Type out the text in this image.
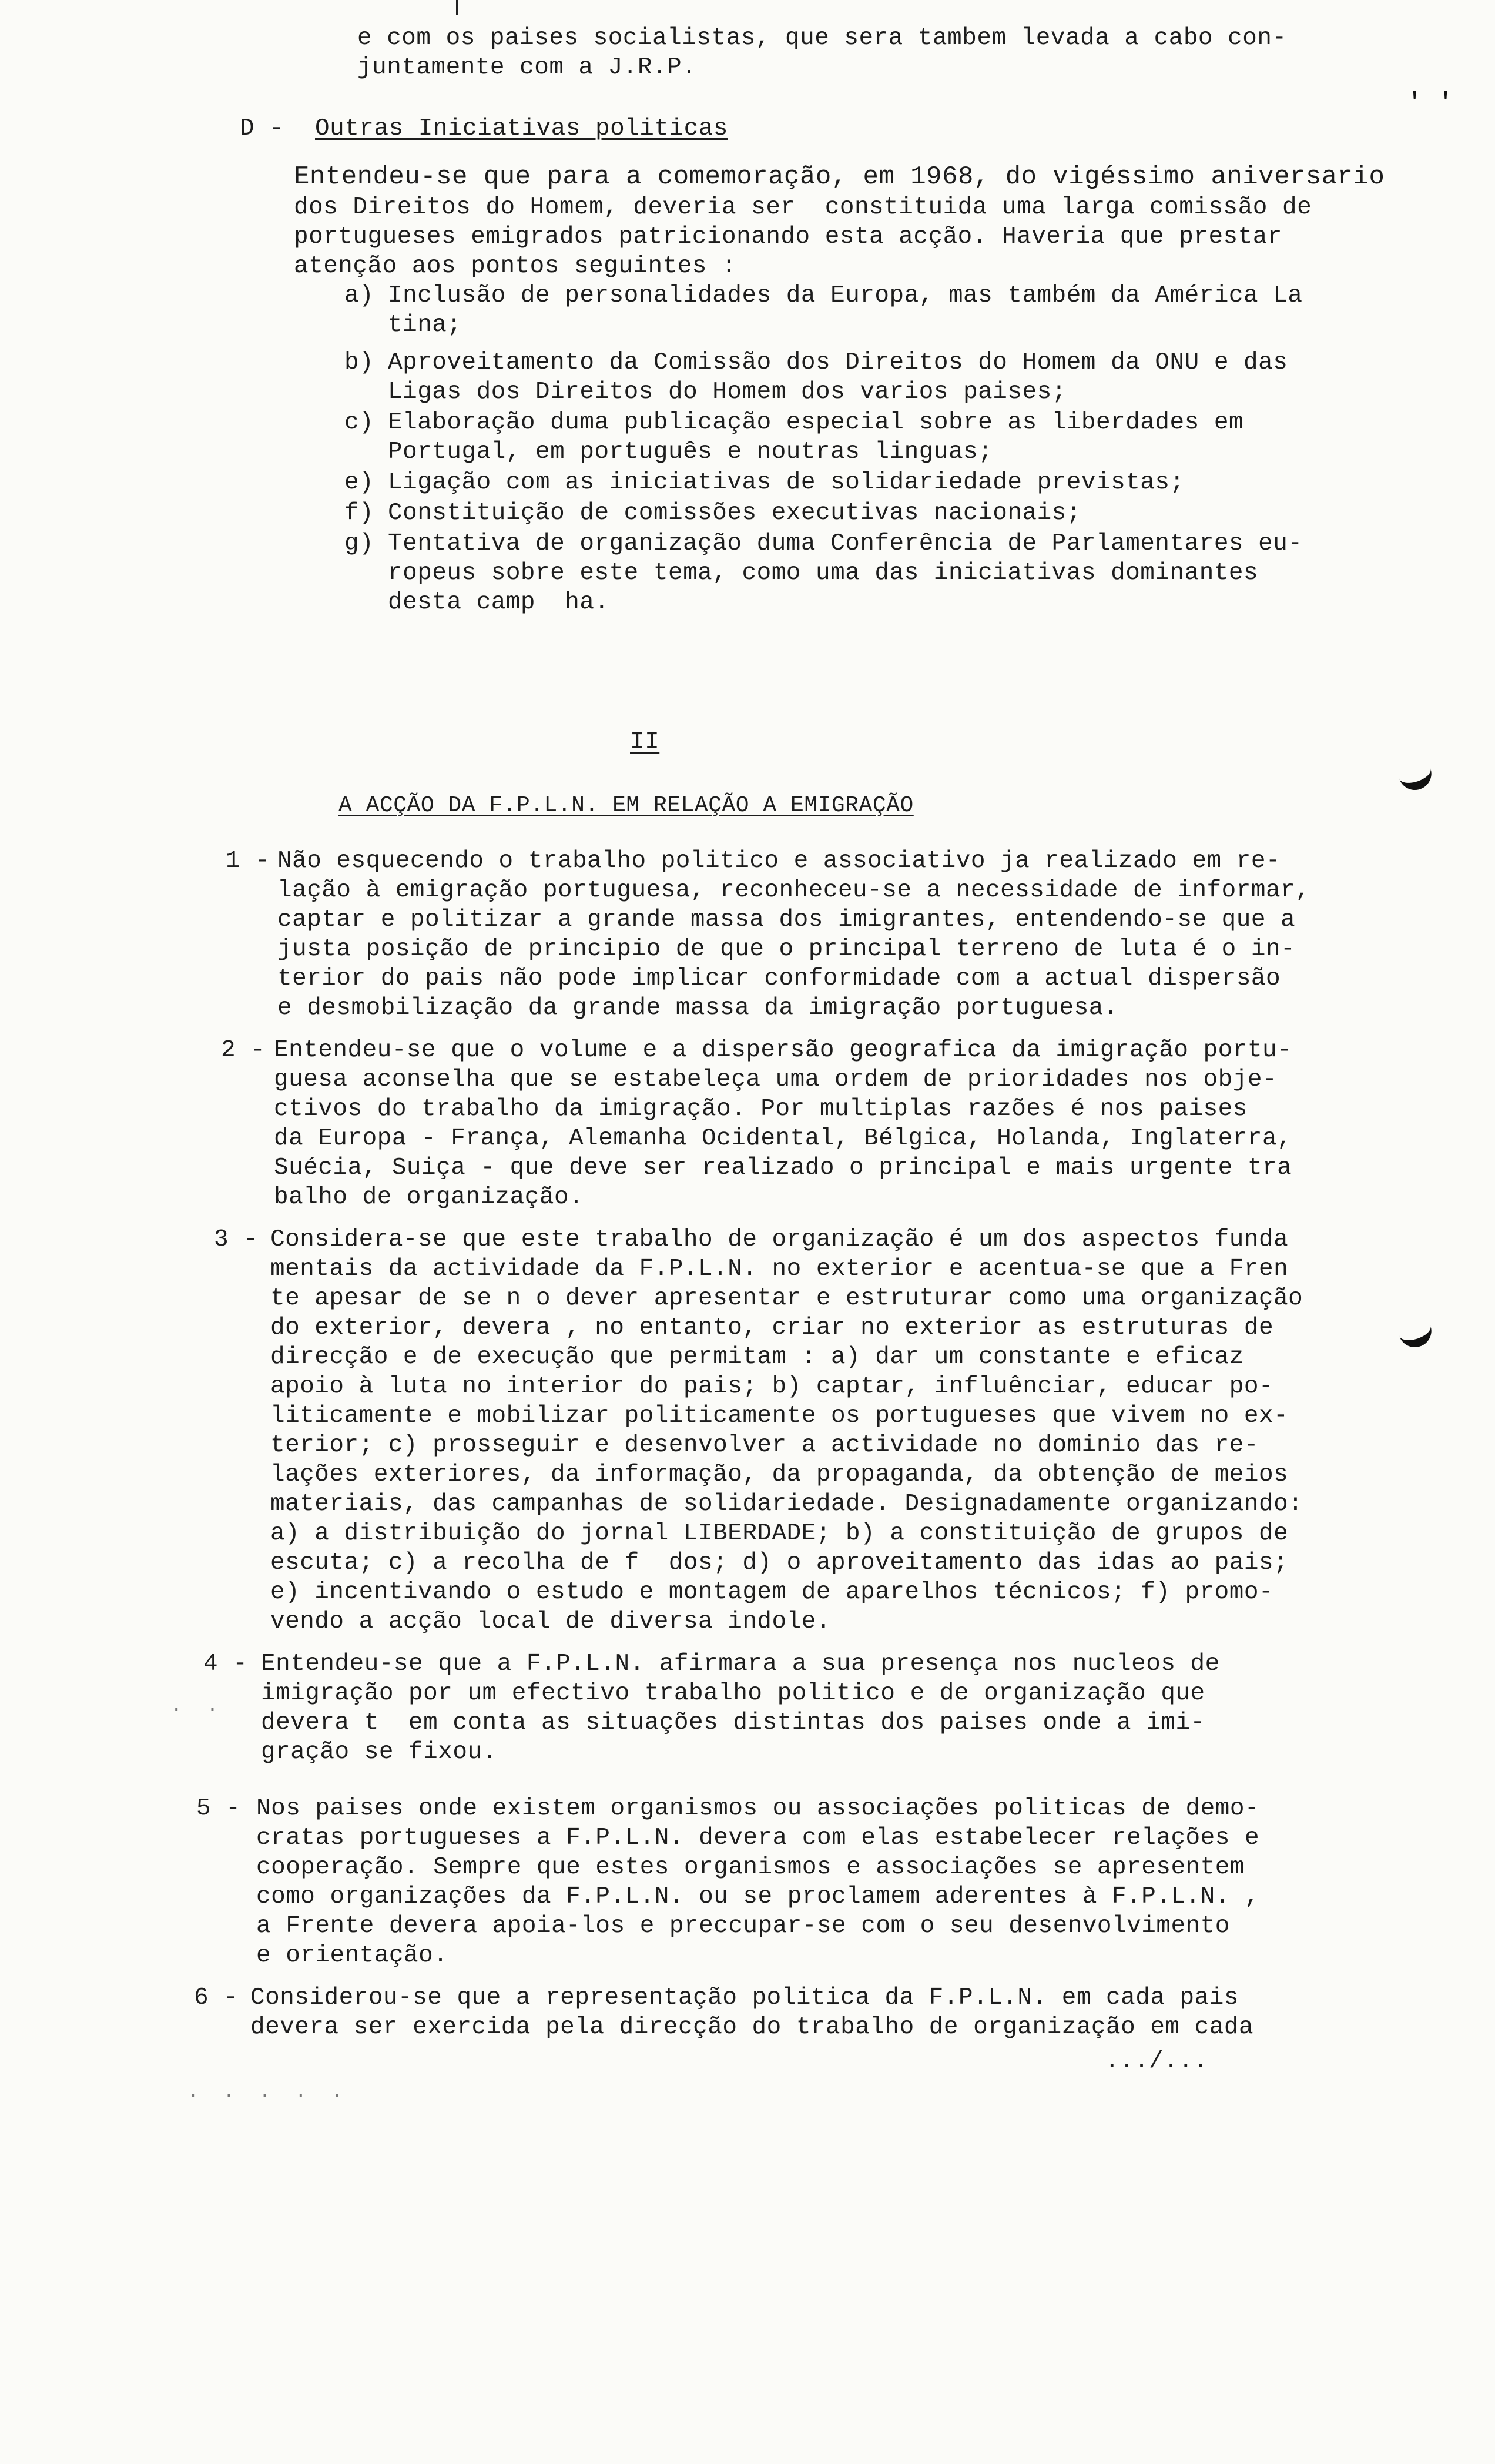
e com os paises socialistas, que sera tambem levada a cabo con-
juntamente com a J.R.P.
D - Outras Iniciativas politicas
Entendeu-se que para a comemoração, em 1968, do vigéssimo aniversario
dos Direitos do Homem, deveria ser  constituida uma larga comissão de
portugueses emigrados patricionando esta acção. Haveria que prestar
atenção aos pontos seguintes :
a) Inclusão de personalidades da Europa, mas também da América La
tina;
b) Aproveitamento da Comissão dos Direitos do Homem da ONU e das
Ligas dos Direitos do Homem dos varios paises;
c) Elaboração duma publicação especial sobre as liberdades em
Portugal, em português e noutras linguas;
e) Ligação com as iniciativas de solidariedade previstas;
f) Constituição de comissões executivas nacionais;
g) Tentativa de organização duma Conferência de Parlamentares eu-
ropeus sobre este tema, como uma das iniciativas dominantes
desta camp  ha.
II
A ACÇÃO DA F.P.L.N. EM RELAÇÃO A EMIGRAÇÃO
1 - Não esquecendo o trabalho politico e associativo ja realizado em re-
lação à emigração portuguesa, reconheceu-se a necessidade de informar,
captar e politizar a grande massa dos imigrantes, entendendo-se que a
justa posição de principio de que o principal terreno de luta é o in-
terior do pais não pode implicar conformidade com a actual dispersão
e desmobilização da grande massa da imigração portuguesa.
2 - Entendeu-se que o volume e a dispersão geografica da imigração portu-
guesa aconselha que se estabeleça uma ordem de prioridades nos obje-
ctivos do trabalho da imigração. Por multiplas razões é nos paises
da Europa - França, Alemanha Ocidental, Bélgica, Holanda, Inglaterra,
Suécia, Suiça - que deve ser realizado o principal e mais urgente tra
balho de organização.
3 - Considera-se que este trabalho de organização é um dos aspectos funda
mentais da actividade da F.P.L.N. no exterior e acentua-se que a Fren
te apesar de se n o dever apresentar e estruturar como uma organização
do exterior, devera , no entanto, criar no exterior as estruturas de
direcção e de execução que permitam : a) dar um constante e eficaz
apoio à luta no interior do pais; b) captar, influênciar, educar po-
liticamente e mobilizar politicamente os portugueses que vivem no ex-
terior; c) prosseguir e desenvolver a actividade no dominio das re-
lações exteriores, da informação, da propaganda, da obtenção de meios
materiais, das campanhas de solidariedade. Designadamente organizando:
a) a distribuição do jornal LIBERDADE; b) a constituição de grupos de
escuta; c) a recolha de f  dos; d) o aproveitamento das idas ao pais;
e) incentivando o estudo e montagem de aparelhos técnicos; f) promo-
vendo a acção local de diversa indole.
4 - Entendeu-se que a F.P.L.N. afirmara a sua presença nos nucleos de
imigração por um efectivo trabalho politico e de organização que
devera t  em conta as situações distintas dos paises onde a imi-
gração se fixou.
5 - Nos paises onde existem organismos ou associações politicas de demo-
cratas portugueses a F.P.L.N. devera com elas estabelecer relações e
cooperação. Sempre que estes organismos e associações se apresentem
como organizações da F.P.L.N. ou se proclamem aderentes à F.P.L.N. ,
a Frente devera apoia-los e preccupar-se com o seu desenvolvimento
e orientação.
6 - Considerou-se que a representação politica da F.P.L.N. em cada pais
devera ser exercida pela direcção do trabalho de organização em cada
.../...
' '
.  .  .  .  .
.  .
